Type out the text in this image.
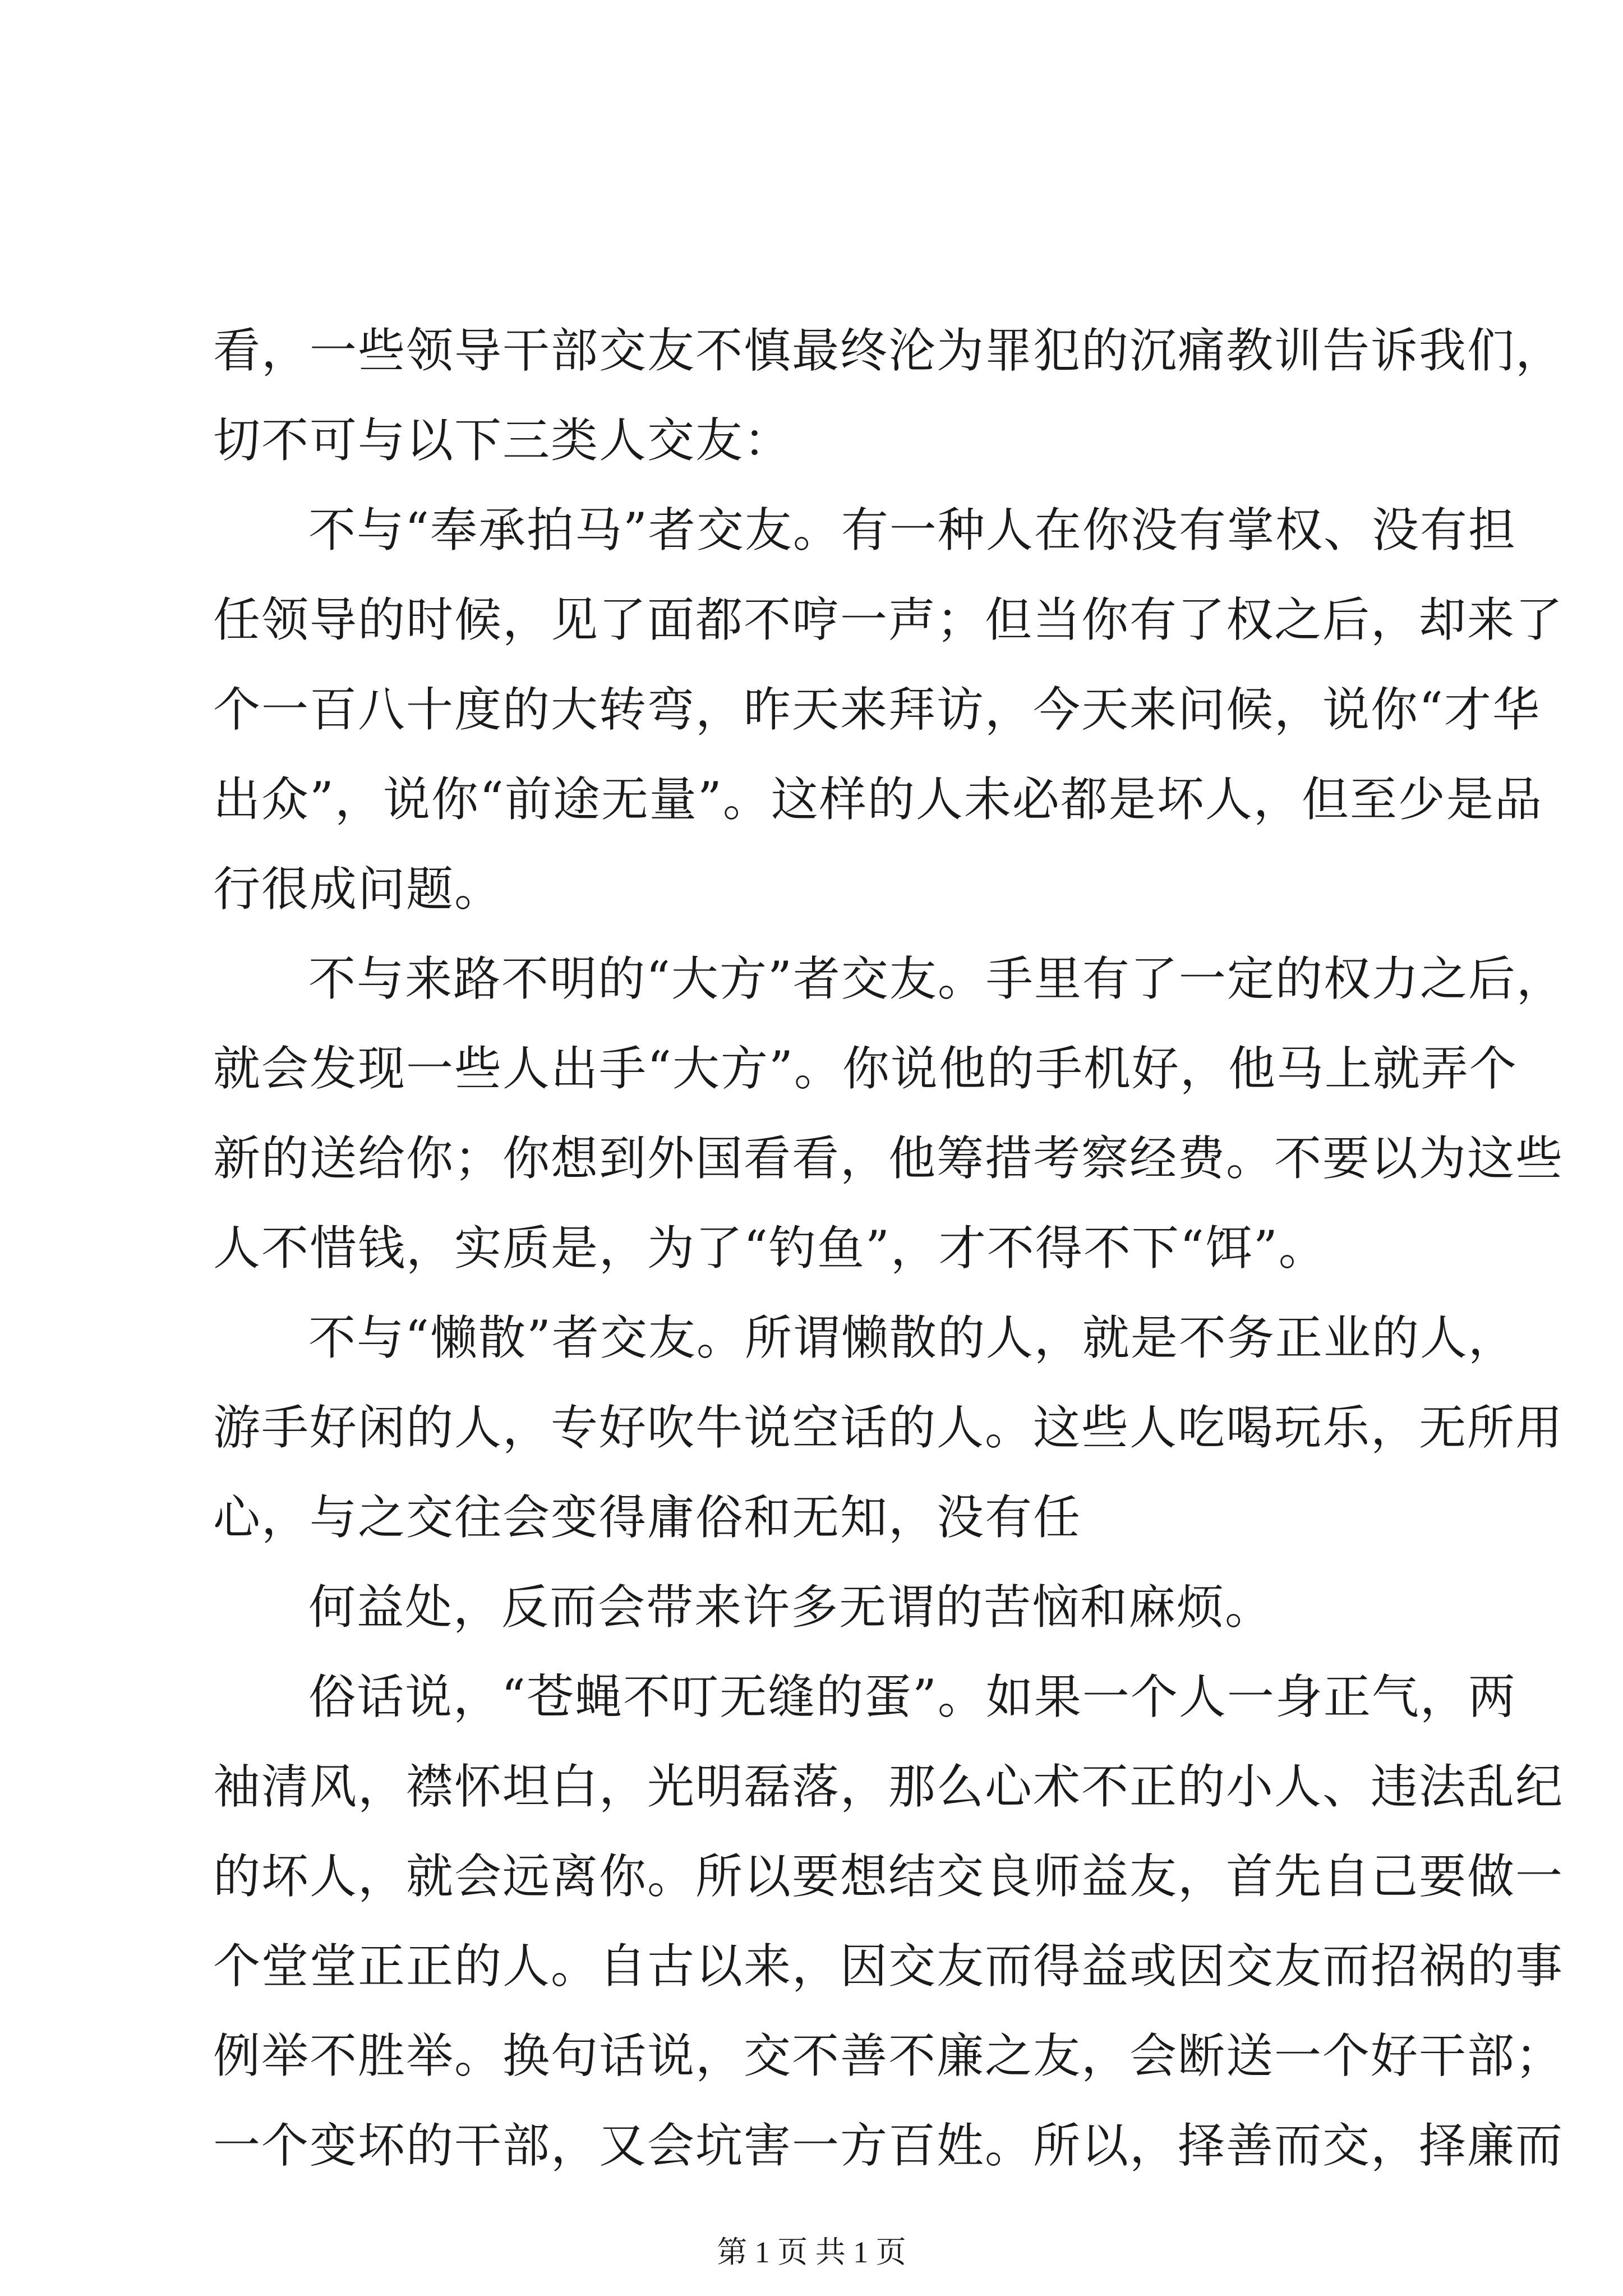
看，一些领导干部交友不慎最终沦为罪犯的沉痛教训告诉我们，
切不可与以下三类人交友：
不与“奉承拍马”者交友。有一种人在你没有掌权、没有担
任领导的时候，见了面都不哼一声；但当你有了权之后，却来了
个一百八十度的大转弯，昨天来拜访，今天来问候，说你“才华
出众”，说你“前途无量”。这样的人未必都是坏人，但至少是品
行很成问题。
不与来路不明的“大方”者交友。手里有了一定的权力之后，
就会发现一些人出手“大方”。你说他的手机好，他马上就弄个
新的送给你；你想到外国看看，他筹措考察经费。不要以为这些
人不惜钱，实质是，为了“钓鱼”，才不得不下“饵”。
不与“懒散”者交友。所谓懒散的人，就是不务正业的人，
游手好闲的人，专好吹牛说空话的人。这些人吃喝玩乐，无所用
心，与之交往会变得庸俗和无知，没有任
何益处，反而会带来许多无谓的苦恼和麻烦。
俗话说，“苍蝇不叮无缝的蛋”。如果一个人一身正气，两
袖清风，襟怀坦白，光明磊落，那么心术不正的小人、违法乱纪
的坏人，就会远离你。所以要想结交良师益友，首先自己要做一
个堂堂正正的人。自古以来，因交友而得益或因交友而招祸的事
例举不胜举。换句话说，交不善不廉之友，会断送一个好干部；
一个变坏的干部，又会坑害一方百姓。所以，择善而交，择廉而
第 1 页 共 1 页
